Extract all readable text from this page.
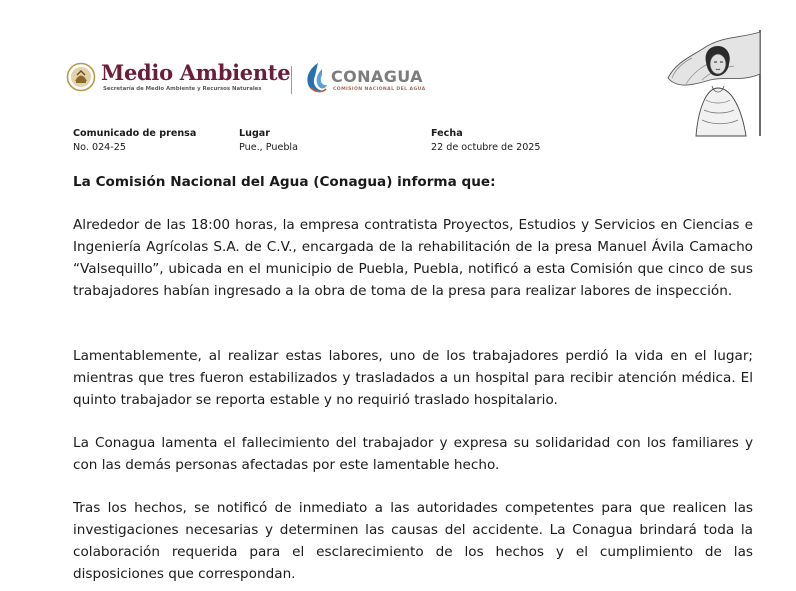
Medio Ambiente
Secretaría de Medio Ambiente y Recursos Naturales
CONAGUA
COMISIÓN NACIONAL DEL AGUA
Comunicado de prensa
No. 024-25
Lugar
Pue., Puebla
Fecha
22 de octubre de 2025
La Comisión Nacional del Agua (Conagua) informa que:

Alrededor de las 18:00 horas, la empresa contratista Proyectos, Estudios y Servicios en Ciencias e Ingeniería Agrícolas S.A. de C.V., encargada de la rehabilitación de la presa Manuel Ávila Camacho “Valsequillo”, ubicada en el municipio de Puebla, Puebla, notificó a esta Comisión que cinco de sus trabajadores habían ingresado a la obra de toma de la presa para realizar labores de inspección.

Lamentablemente, al realizar estas labores, uno de los trabajadores perdió la vida en el lugar; mientras que tres fueron estabilizados y trasladados a un hospital para recibir atención médica. El quinto trabajador se reporta estable y no requirió traslado hospitalario.

La Conagua lamenta el fallecimiento del trabajador y expresa su solidaridad con los familiares y con las demás personas afectadas por este lamentable hecho.

Tras los hechos, se notificó de inmediato a las autoridades competentes para que realicen las investigaciones necesarias y determinen las causas del accidente. La Conagua brindará toda la colaboración requerida para el esclarecimiento de los hechos y el cumplimiento de las disposiciones que correspondan.
